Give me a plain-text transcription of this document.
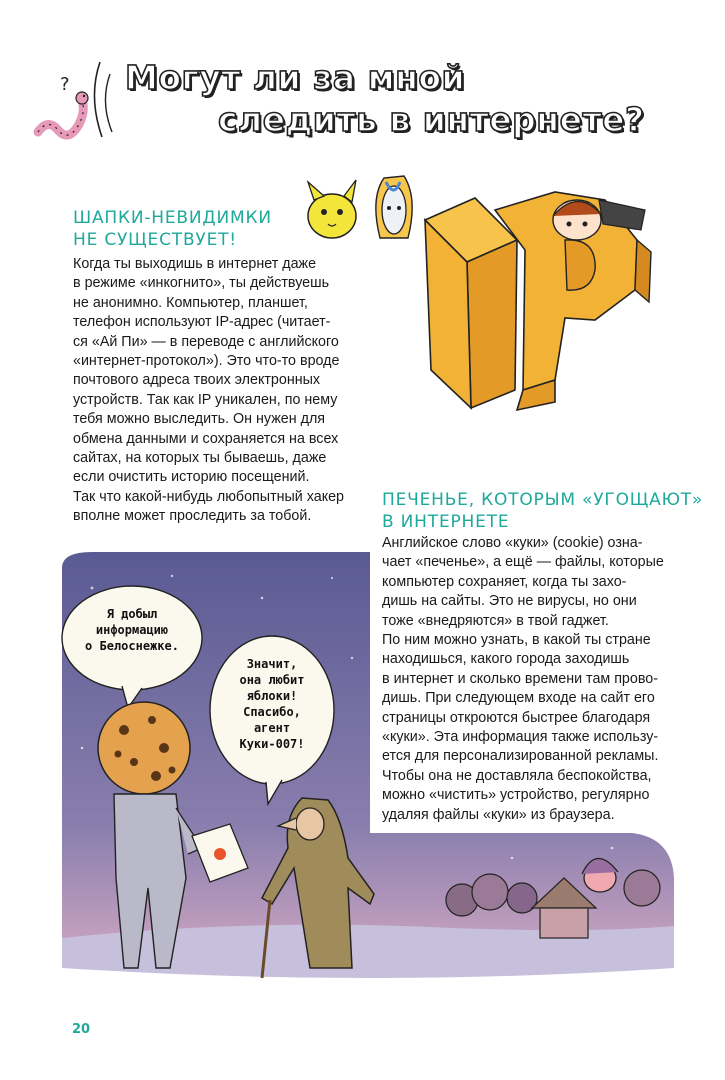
? Могут ли за мной
следить в интернете?
ШАПКИ-НЕВИДИМКИ
НЕ СУЩЕСТВУЕТ!
Когда ты выходишь в интернет даже
в режиме «инкогнито», ты действуешь
не анонимно. Компьютер, планшет,
телефон используют IP-адрес (читает-
ся «Ай Пи» — в переводе с английского
«интернет-протокол»). Это что-то вроде
почтового адреса твоих электронных
устройств. Так как IP уникален, по нему
тебя можно выследить. Он нужен для
обмена данными и сохраняется на всех
сайтах, на которых ты бываешь, даже
если очистить историю посещений.
Так что какой-нибудь любопытный хакер
вполне может проследить за тобой.
ПЕЧЕНЬЕ, КОТОРЫМ «УГОЩАЮТ»
В ИНТЕРНЕТЕ
Английское слово «куки» (cookie) озна-
чает «печенье», а ещё — файлы, которые
компьютер сохраняет, когда ты захо-
дишь на сайты. Это не вирусы, но они
тоже «внедряются» в твой гаджет.
По ним можно узнать, в какой ты стране
находишься, какого города заходишь
в интернет и сколько времени там прово-
дишь. При следующем входе на сайт его
страницы откроются быстрее благодаря
«куки». Эта информация также использу-
ется для персонализированной рекламы.
Чтобы она не доставляла беспокойства,
можно «чистить» устройство, регулярно
удаляя файлы «куки» из браузера.
Я добыл
информацию
о Белоснежке.
Значит,
она любит
яблоки!
Спасибо,
агент
Куки-007!
20
